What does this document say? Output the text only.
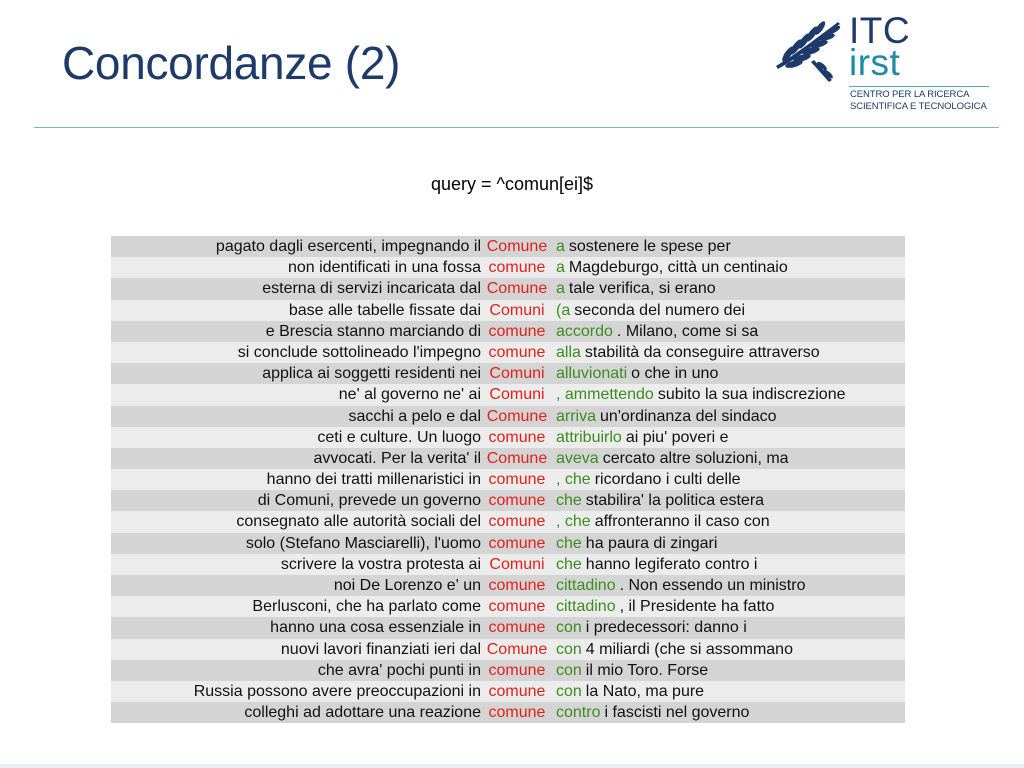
Concordanze (2)
ITC
irst
CENTRO PER LA RICERCA
SCIENTIFICA E TECNOLOGICA
query = ^comun[ei]$
pagato dagli esercenti, impegnando il Comune a sostenere le spese per
non identificati in una fossa comune a Magdeburgo, città un centinaio
esterna di servizi incaricata dal Comune a tale verifica, si erano
base alle tabelle fissate dai Comuni (a seconda del numero dei
e Brescia stanno marciando di comune accordo . Milano, come si sa
si conclude sottolineado l'impegno comune alla stabilità da conseguire attraverso
applica ai soggetti residenti nei Comuni alluvionati o che in uno
ne' al governo ne' ai Comuni , ammettendo subito la sua indiscrezione
sacchi a pelo e dal Comune arriva un'ordinanza del sindaco
ceti e culture. Un luogo comune attribuirlo ai piu' poveri e
avvocati. Per la verita' il Comune aveva cercato altre soluzioni, ma
hanno dei tratti millenaristici in comune , che ricordano i culti delle
di Comuni, prevede un governo comune che stabilira' la politica estera
consegnato alle autorità sociali del comune , che affronteranno il caso con
solo (Stefano Masciarelli), l'uomo comune che ha paura di zingari
scrivere la vostra protesta ai Comuni che hanno legiferato contro i
noi De Lorenzo e' un comune cittadino . Non essendo un ministro
Berlusconi, che ha parlato come comune cittadino , il Presidente ha fatto
hanno una cosa essenziale in comune con i predecessori: danno i
nuovi lavori finanziati ieri dal Comune con 4 miliardi (che si assommano
che avra' pochi punti in comune con il mio Toro. Forse
Russia possono avere preoccupazioni in comune con la Nato, ma pure
colleghi ad adottare una reazione comune contro i fascisti nel governo
